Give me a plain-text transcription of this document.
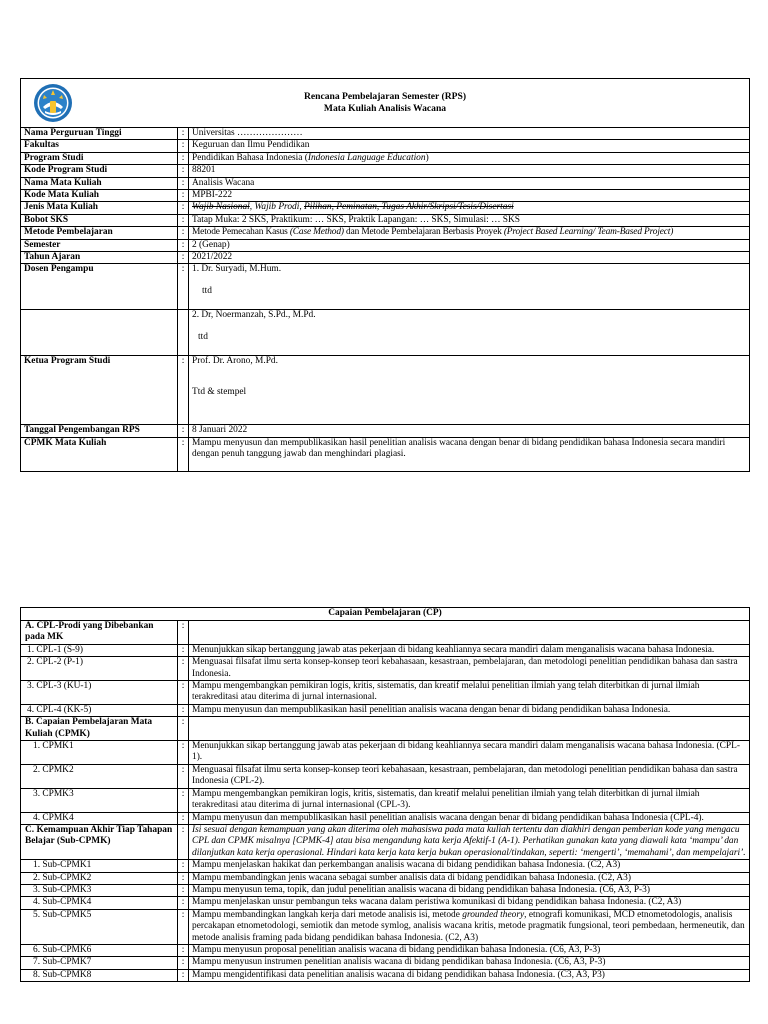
Rencana Pembelajaran Semester (RPS)
Mata Kuliah Analisis Wacana		

Nama Perguruan Tinggi	:	Universitas …………………
Fakultas	:	Keguruan dan Ilmu Pendidikan
Program Studi	:	Pendidikan Bahasa Indonesia (Indonesia Language Education)
Kode Program Studi	:	88201
Nama Mata Kuliah	:	Analisis Wacana
Kode Mata Kuliah	:	MPBI-222
Jenis Mata Kuliah	:	Wajib Nasional, Wajib Prodi, Pilihan, Peminatan, Tugas Akhir/Skripsi/Tesis/Disertasi
Bobot SKS	:	Tatap Muka: 2 SKS, Praktikum: … SKS, Praktik Lapangan: … SKS, Simulasi: … SKS
Metode Pembelajaran	:	Metode Pemecahan Kasus (Case Method) dan Metode Pembelajaran Berbasis Proyek (Project Based Learning/ Team-Based Project)
Semester	:	2 (Genap)
Tahun Ajaran	:	2021/2022
Dosen Pengampu	:	1. Dr. Suryadi, M.Hum.
ttd

		2. Dr, Noermanzah, S.Pd., M.Pd.
ttd

Ketua Program Studi	:	Prof. Dr. Arono, M.Pd.
Ttd & stempel

Tanggal Pengembangan RPS	:	8 Januari 2022
CPMK Mata Kuliah	:	Mampu menyusun dan mempublikasikan hasil penelitian analisis wacana dengan benar di bidang pendidikan bahasa Indonesia secara mandiri dengan penuh tanggung jawab dan menghindari plagiasi.
Capaian Pembelajaran (CP)		
A. CPL-Prodi yang Dibebankan pada MK	:	
1. CPL-1 (S-9)	:	Menunjukkan sikap bertanggung jawab atas pekerjaan di bidang keahliannya secara mandiri dalam menganalisis wacana bahasa Indonesia.
2. CPL-2 (P-1)	:	Menguasai filsafat ilmu serta konsep-konsep teori kebahasaan, kesastraan, pembelajaran, dan metodologi penelitian pendidikan bahasa dan sastra Indonesia.
3. CPL-3 (KU-1)	:	Mampu mengembangkan pemikiran logis, kritis, sistematis, dan kreatif melalui penelitian ilmiah yang telah diterbitkan di jurnal ilmiah terakreditasi atau diterima di jurnal internasional.
4. CPL-4 (KK-5)	:	Mampu menyusun dan mempublikasikan hasil penelitian analisis wacana dengan benar di bidang pendidikan bahasa Indonesia.
B. Capaian Pembelajaran Mata Kuliah (CPMK)	:	
1. CPMK1	:	Menunjukkan sikap bertanggung jawab atas pekerjaan di bidang keahliannya secara mandiri dalam menganalisis wacana bahasa Indonesia. (CPL-1).
2. CPMK2	:	Menguasai filsafat ilmu serta konsep-konsep teori kebahasaan, kesastraan, pembelajaran, dan metodologi penelitian pendidikan bahasa dan sastra Indonesia (CPL-2).
3. CPMK3	:	Mampu mengembangkan pemikiran logis, kritis, sistematis, dan kreatif melalui penelitian ilmiah yang telah diterbitkan di jurnal ilmiah terakreditasi atau diterima di jurnal internasional (CPL-3).
4. CPMK4	:	Mampu menyusun dan mempublikasikan hasil penelitian analisis wacana dengan benar di bidang pendidikan bahasa Indonesia (CPL-4).
C. Kemampuan Akhir Tiap Tahapan Belajar (Sub-CPMK)	:	Isi sesuai dengan kemampuan yang akan diterima oleh mahasiswa pada mata kuliah tertentu dan diakhiri dengan pemberian kode yang mengacu CPL dan CPMK misalnya [CPMK-4] atau bisa mengandung kata kerja Afektif-1 (A-1). Perhatikan gunakan kata yang diawali kata ‘mampu’ dan dilanjutkan kata kerja operasional. Hindari kata kerja kata kerja bukan operasional/tindakan, seperti: ‘mengerti’, ‘memahami’, dan mempelajari’.
1. Sub-CPMK1	:	Mampu menjelaskan hakikat dan perkembangan analisis wacana di bidang pendidikan bahasa Indonesia. (C2, A3)
2. Sub-CPMK2	:	Mampu membandingkan jenis wacana sebagai sumber analisis data di bidang pendidikan bahasa Indonesia. (C2, A3)
3. Sub-CPMK3	:	Mampu menyusun tema, topik, dan judul penelitian analisis wacana di bidang pendidikan bahasa Indonesia. (C6, A3, P-3)
4. Sub-CPMK4	:	Mampu menjelaskan unsur pembangun teks wacana dalam peristiwa komunikasi di bidang pendidikan bahasa Indonesia. (C2, A3)
5. Sub-CPMK5	:	Mampu membandingkan langkah kerja dari metode analisis isi, metode grounded theory, etnografi komunikasi, MCD etnometodologis, analisis percakapan etnometodologi, semiotik dan metode symlog, analisis wacana kritis, metode pragmatik fungsional, teori pembedaan, hermeneutik, dan metode analisis framing pada bidang pendidikan bahasa Indonesia. (C2, A3)
6. Sub-CPMK6	:	Mampu menyusun proposal penelitian analisis wacana di bidang pendidikan bahasa Indonesia. (C6, A3, P-3)
7. Sub-CPMK7	:	Mampu menyusun instrumen penelitian analisis wacana di bidang pendidikan bahasa Indonesia. (C6, A3, P-3)
8. Sub-CPMK8	:	Mampu mengidentifikasi data penelitian analisis wacana di bidang pendidikan bahasa Indonesia. (C3, A3, P3)
